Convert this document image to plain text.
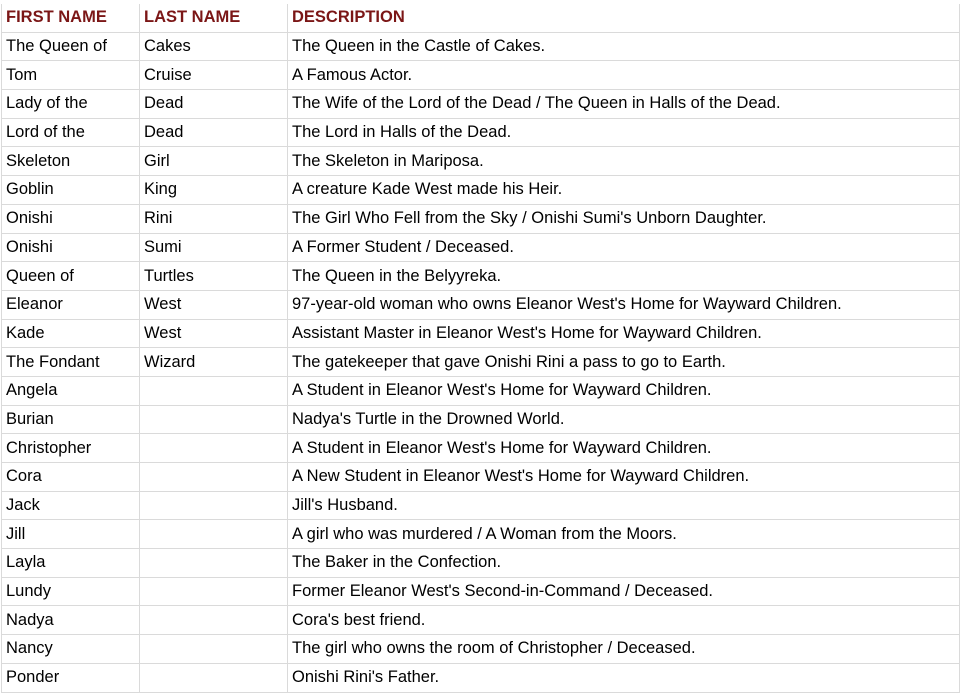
FIRST NAME	LAST NAME	DESCRIPTION
The Queen of	Cakes	The Queen in the Castle of Cakes.
Tom	Cruise	A Famous Actor.
Lady of the	Dead	The Wife of the Lord of the Dead / The Queen in Halls of the Dead.
Lord of the	Dead	The Lord in Halls of the Dead.
Skeleton	Girl	The Skeleton in Mariposa.
Goblin	King	A creature Kade West made his Heir.
Onishi	Rini	The Girl Who Fell from the Sky / Onishi Sumi's Unborn Daughter.
Onishi	Sumi	A Former Student / Deceased.
Queen of	Turtles	The Queen in the Belyyreka.
Eleanor	West	97-year-old woman who owns Eleanor West's Home for Wayward Children.
Kade	West	Assistant Master in Eleanor West's Home for Wayward Children.
The Fondant	Wizard	The gatekeeper that gave Onishi Rini a pass to go to Earth.
Angela		A Student in Eleanor West's Home for Wayward Children.
Burian		Nadya's Turtle in the Drowned World.
Christopher		A Student in Eleanor West's Home for Wayward Children.
Cora		A New Student in Eleanor West's Home for Wayward Children.
Jack		Jill's Husband.
Jill		A girl who was murdered / A Woman from the Moors.
Layla		The Baker in the Confection.
Lundy		Former Eleanor West's Second-in-Command / Deceased.
Nadya		Cora's best friend.
Nancy		The girl who owns the room of Christopher / Deceased.
Ponder		Onishi Rini's Father.
